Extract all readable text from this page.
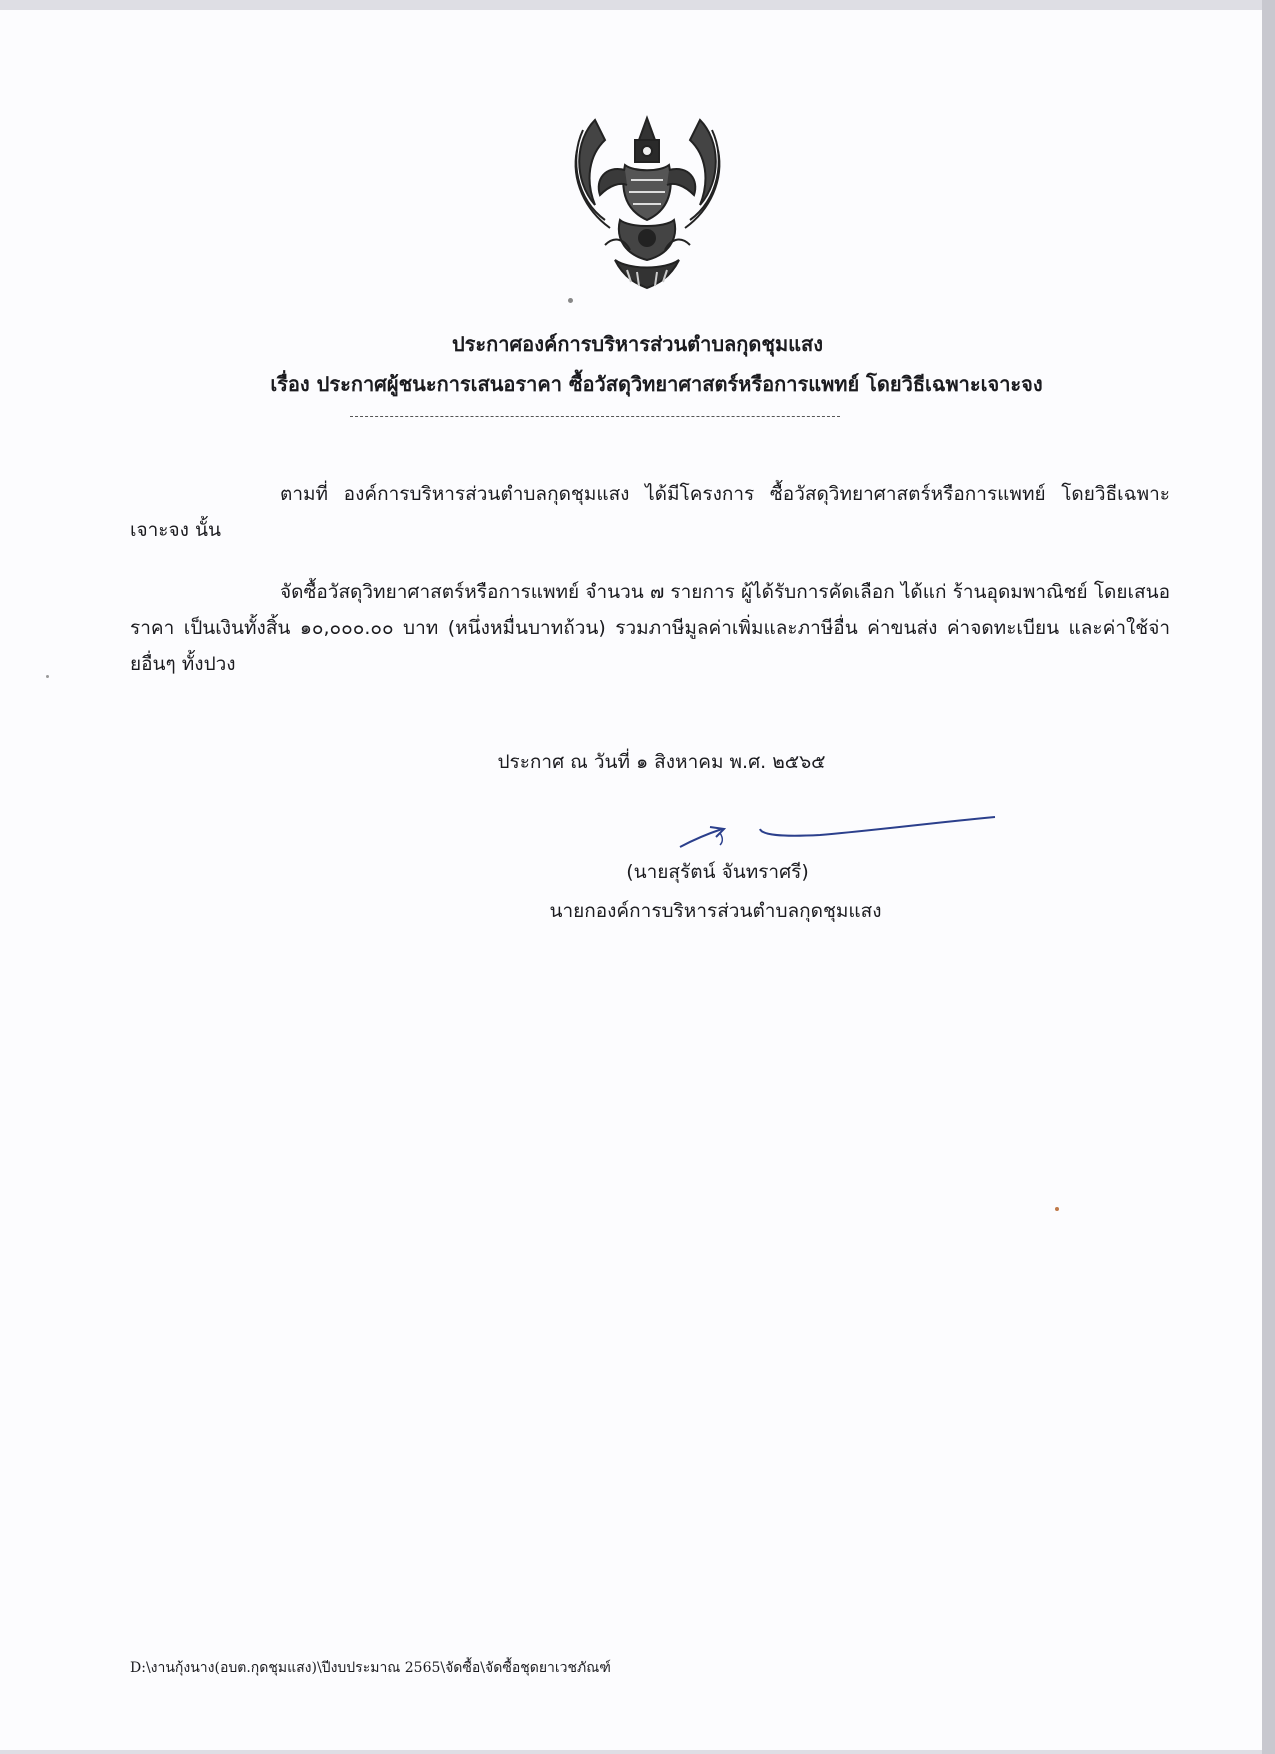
ประกาศองค์การบริหารส่วนตำบลกุดชุมแสง
เรื่อง ประกาศผู้ชนะการเสนอราคา ซื้อวัสดุวิทยาศาสตร์หรือการแพทย์ โดยวิธีเฉพาะเจาะจง
ตามที่ องค์การบริหารส่วนตำบลกุดชุมแสง ได้มีโครงการ ซื้อวัสดุวิทยาศาสตร์หรือการแพทย์ โดยวิธีเฉพาะเจาะจง นั้น
จัดซื้อวัสดุวิทยาศาสตร์หรือการแพทย์ จำนวน ๗ รายการ ผู้ได้รับการคัดเลือก ได้แก่ ร้านอุดมพาณิชย์ โดยเสนอราคา เป็นเงินทั้งสิ้น ๑๐,๐๐๐.๐๐ บาท (หนึ่งหมื่นบาทถ้วน) รวมภาษีมูลค่าเพิ่มและภาษีอื่น ค่าขนส่ง ค่าจดทะเบียน และค่าใช้จ่ายอื่นๆ ทั้งปวง
ประกาศ ณ วันที่ ๑ สิงหาคม พ.ศ. ๒๕๖๕
(นายสุรัตน์ จันทราศรี)
นายกองค์การบริหารส่วนตำบลกุดชุมแสง
D:\งานกุ้งนาง(อบต.กุดชุมแสง)\ปีงบประมาณ 2565\จัดซื้อ\จัดซื้อชุดยาเวชภัณฑ์
